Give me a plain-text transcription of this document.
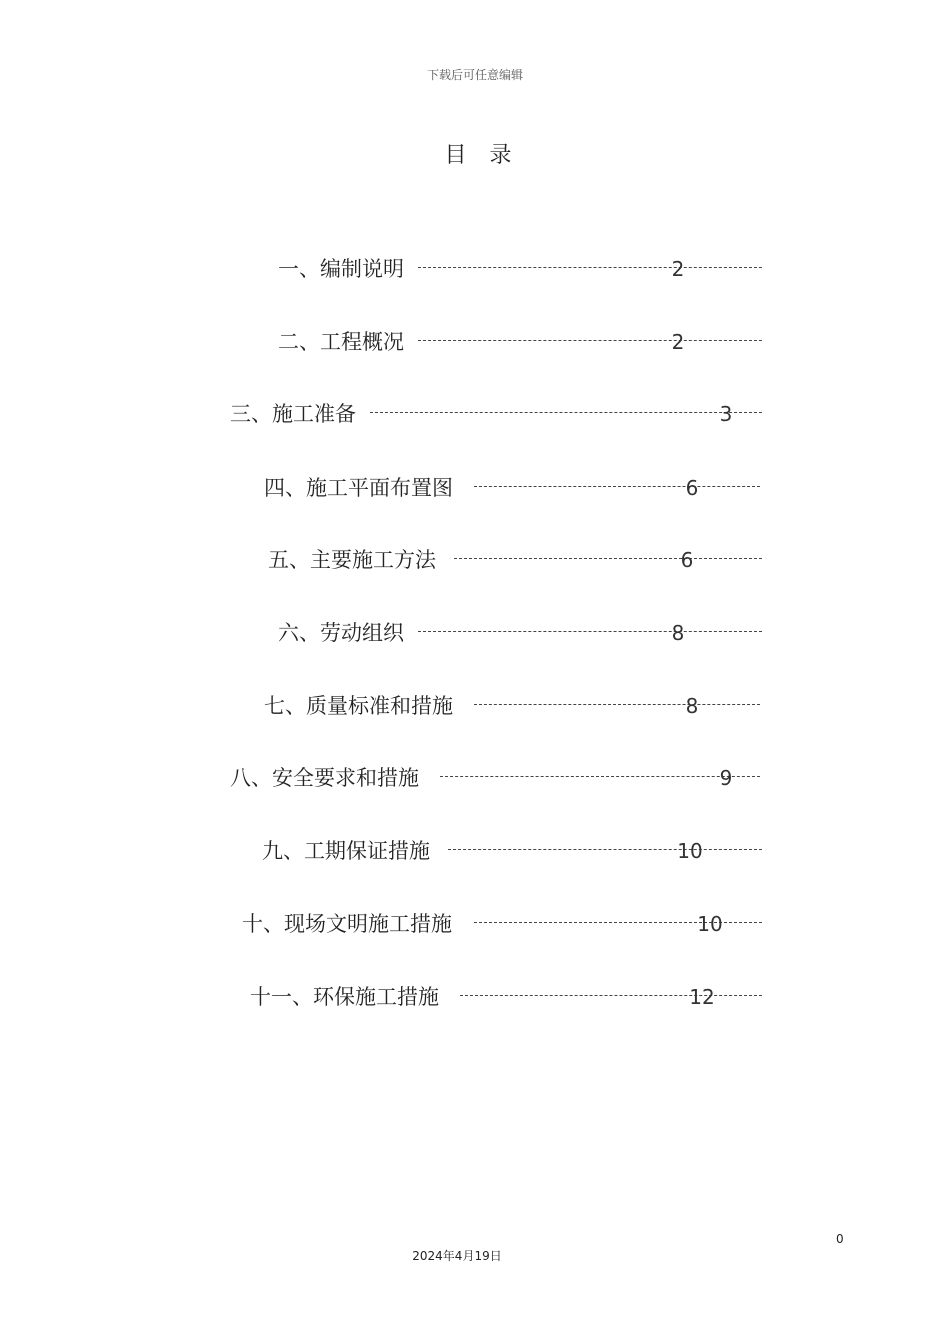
下载后可任意编辑
目 录
一、编制说明	2
二、工程概况	2
三、施工准备	3
四、施工平面布置图	6
五、主要施工方法	6
六、劳动组织	8
七、质量标准和措施	8
八、安全要求和措施	9
九、工期保证措施	10
十、现场文明施工措施	10
十一、环保施工措施	12
0
2024年4月19日
